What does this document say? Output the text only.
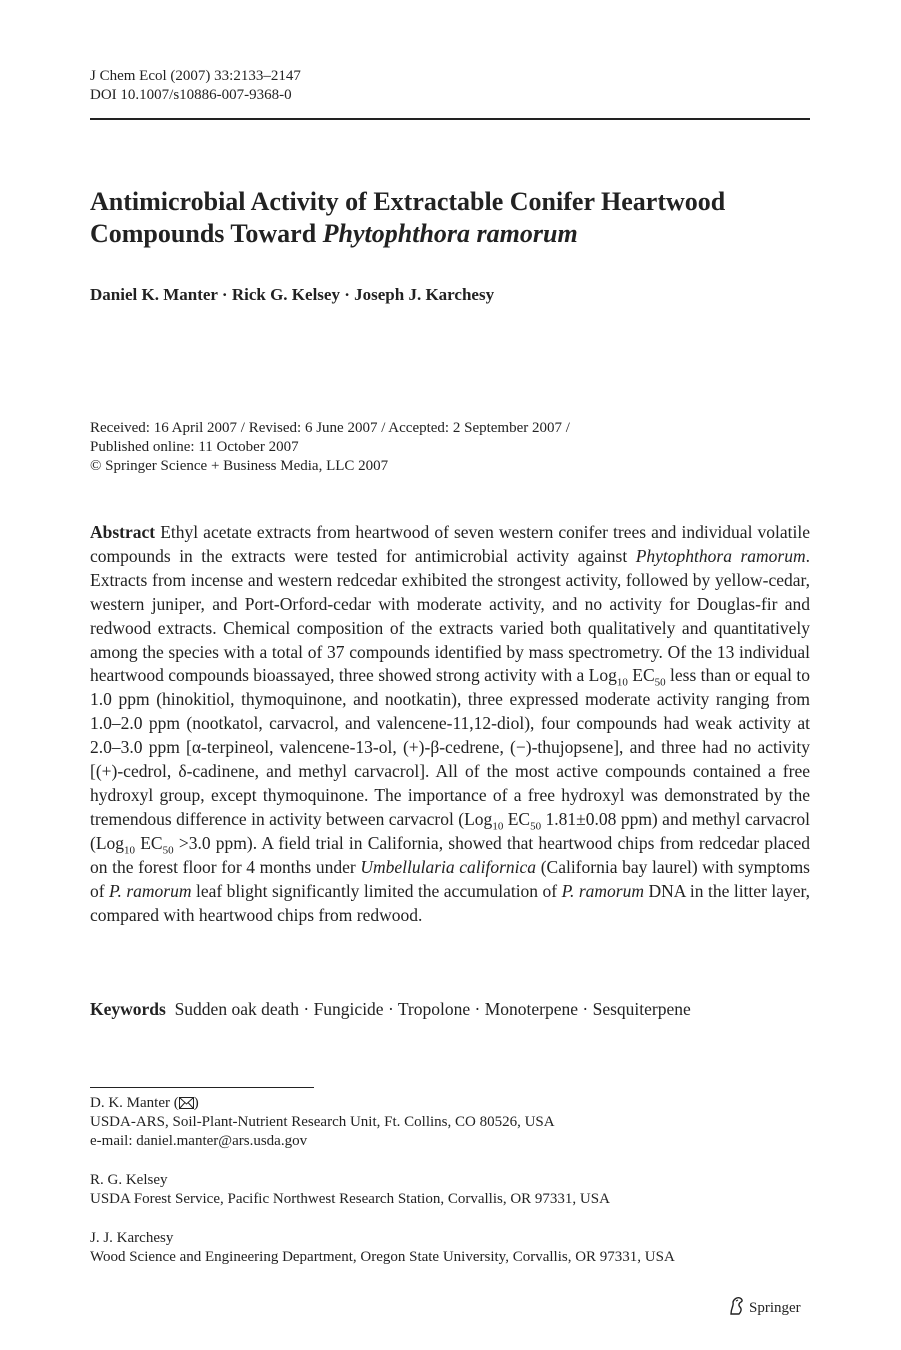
J Chem Ecol (2007) 33:2133–2147
DOI 10.1007/s10886-007-9368-0
Antimicrobial Activity of Extractable Conifer Heartwood
Compounds Toward Phytophthora ramorum
Daniel K. Manter · Rick G. Kelsey · Joseph J. Karchesy
Received: 16 April 2007 / Revised: 6 June 2007 / Accepted: 2 September 2007 /
Published online: 11 October 2007
© Springer Science + Business Media, LLC 2007
Abstract Ethyl acetate extracts from heartwood of seven western conifer trees and individual volatile compounds in the extracts were tested for antimicrobial activity against Phytophthora ramorum. Extracts from incense and western redcedar exhibited the strongest activity, followed by yellow-cedar, western juniper, and Port-Orford-cedar with moderate activity, and no activity for Douglas-fir and redwood extracts. Chemical composition of the extracts varied both qualitatively and quantitatively among the species with a total of 37 compounds identified by mass spectrometry. Of the 13 individual heartwood compounds bioassayed, three showed strong activity with a Log$_{10}$ $EC_{50}$ less than or equal to 1.0 ppm (hinokitiol, thymoquinone, and nootkatin), three expressed moderate activity ranging from 1.0–2.0 ppm (nootkatol, carvacrol, and valencene-11,12-diol), four compounds had weak activity at 2.0–3.0 ppm [α-terpineol, valencene-13-ol, (+)-β-cedrene, (−)-thujopsene], and three had no activity [(+)-cedrol, δ-cadinene, and methyl carvacrol]. All of the most active compounds contained a free hydroxyl group, except thymoquinone. The importance of a free hydroxyl was demonstrated by the tremendous difference in activity between carvacrol (Log$_{10}$ $EC_{50}$ 1.81±0.08 ppm) and methyl carvacrol (Log$_{10}$ $EC_{50} >3.0$ ppm). A field trial in California, showed that heartwood chips from redcedar placed on the forest floor for 4 months under Umbellularia californica (California bay laurel) with symptoms of P. ramorum leaf blight significantly limited the accumulation of P. ramorum DNA in the litter layer, compared with heartwood chips from redwood.
Keywords Sudden oak death · Fungicide · Tropolone · Monoterpene · Sesquiterpene
D. K. Manter ( )
USDA-ARS, Soil-Plant-Nutrient Research Unit, Ft. Collins, CO 80526, USA
e-mail: daniel.manter@ars.usda.gov
R. G. Kelsey
USDA Forest Service, Pacific Northwest Research Station, Corvallis, OR 97331, USA
J. J. Karchesy
Wood Science and Engineering Department, Oregon State University, Corvallis, OR 97331, USA
Springer
